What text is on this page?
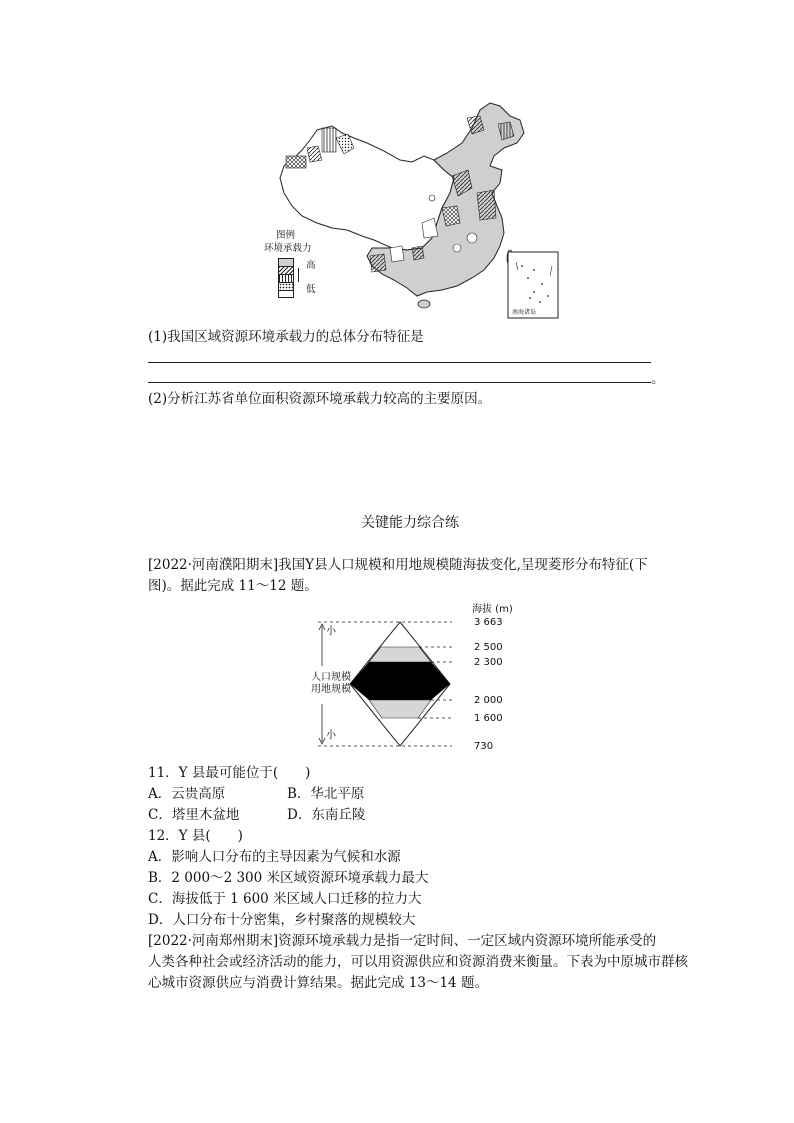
图例
环境承载力
高
低
南海诸岛
(1)我国区域资源环境承载力的总体分布特征是
。
(2)分析江苏省单位面积资源环境承载力较高的主要原因。
关键能力综合练
[2022·河南濮阳期末]我国Y县人口规模和用地规模随海拔变化,呈现菱形分布特征(下
图)。据此完成 11～12 题。
海拔 (m)
3 663
2 500
2 300
2 000
1 600
730
小
小
人口规模
用地规模
11．Y 县最可能位于(　　)
A．云贵高原	B．华北平原
C．塔里木盆地	D．东南丘陵
12．Y 县(　　)
A．影响人口分布的主导因素为气候和水源
B．2 000～2 300 米区域资源环境承载力最大
C．海拔低于 1 600 米区域人口迁移的拉力大
D．人口分布十分密集，乡村聚落的规模较大
[2022·河南郑州期末]资源环境承载力是指一定时间、一定区域内资源环境所能承受的
人类各种社会或经济活动的能力，可以用资源供应和资源消费来衡量。下表为中原城市群核
心城市资源供应与消费计算结果。据此完成 13～14 题。
